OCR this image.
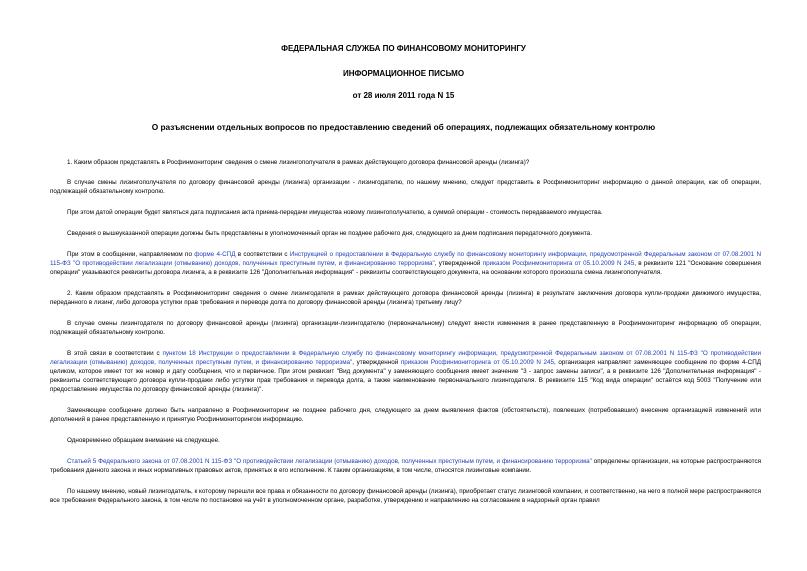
ФЕДЕРАЛЬНАЯ СЛУЖБА ПО ФИНАНСОВОМУ МОНИТОРИНГУ
ИНФОРМАЦИОННОЕ ПИСЬМО
от 28 июля 2011 года N 15
О разъяснении отдельных вопросов по предоставлению сведений об операциях, подлежащих обязательному контролю

1. Каким образом представлять в Росфинмониторинг сведения о смене лизингополучателя в рамках действующего договора финансовой аренды (лизинга)?

В случае смены лизингополучателя по договору финансовой аренды (лизинга) организации - лизингодателю, по нашему мнению, следует представить в Росфинмониторинг информацию о данной операции, как об операции, подлежащей обязательному контролю.

При этом датой операции будет являться дата подписания акта приема-передачи имущества новому лизингополучателю, а суммой операции - стоимость передаваемого имущества.

Сведения о вышеуказанной операции должны быть представлены в уполномоченный орган не позднее рабочего дня, следующего за днем подписания передаточного документа.

При этом в сообщении, направляемом по форме 4-СПД в соответствии с Инструкцией о предоставлении в Федеральную службу по финансовому мониторингу информации, предусмотренной Федеральным законом от 07.08.2001 N 115-ФЗ "О противодействии легализации (отмыванию) доходов, полученных преступным путем, и финансированию терроризма", утвержденной приказом Росфинмониторинга от 05.10.2009 N 245, в реквизите 121 "Основание совершения операции" указываются реквизиты договора лизинга, а в реквизите 126 "Дополнительная информация" - реквизиты соответствующего документа, на основании которого произошла смена лизингополучателя.

2. Каким образом представлять в Росфинмониторинг сведения о смене лизингодателя в рамках действующего договора финансовой аренды (лизинга) в результате заключения договора купли-продажи движимого имущества, переданного в лизинг, либо договора уступки прав требования и переводе долга по договору финансовой аренды (лизинга) третьему лицу?

В случае смены лизингодателя по договору финансовой аренды (лизинга) организации-лизингодателю (первоначальному) следует внести изменения в ранее представленную в Росфинмониторинг информацию об операции, подлежащей обязательному контролю.

В этой связи в соответствии с пунктом 18 Инструкции о предоставлении в Федеральную службу по финансовому мониторингу информации, предусмотренной Федеральным законом от 07.08.2001 N 115-ФЗ "О противодействии легализации (отмыванию) доходов, полученных преступным путем, и финансированию терроризма", утвержденной приказом Росфинмониторинга от 05.10.2009 N 245, организация направляет заменяющее сообщение по форме 4-СПД целиком, которое имеет тот же номер и дату сообщения, что и первичное. При этом реквизит "Вид документа" у заменяющего сообщения имеет значение "3 - запрос замены записи", а в реквизите 126 "Дополнительная информация" - реквизиты соответствующего договора купли-продажи либо уступки прав требования и перевода долга, а также наименование первоначального лизингодателя. В реквизите 115 "Код вида операции" остаётся код 5003 "Получение или предоставление имущества по договору финансовой аренды (лизинга)".

Заменяющее сообщение должно быть направлено в Росфинмониторинг не позднее рабочего дня, следующего за днем выявления фактов (обстоятельств), повлекших (потребовавших) внесение организацией изменений или дополнений в ранее представленную и принятую Росфинмониторингом информацию.

Одновременно обращаем внимание на следующее.

Статьей 5 Федерального закона от 07.08.2001 N 115-ФЗ "О противодействии легализации (отмыванию) доходов, полученных преступным путем, и финансированию терроризма" определены организации, на которые распространяются требования данного закона и иных нормативных правовых актов, принятых в его исполнение. К таким организациям, в том числе, относятся лизинговые компании.

По нашему мнению, новый лизингодатель, к которому перешли все права и обязанности по договору финансовой аренды (лизинга), приобретает статус лизинговой компании, и соответственно, на него в полной мере распространяются все требования Федерального закона, в том числе по постановке на учёт в уполномоченном органе, разработке, утверждению и направлению на согласование в надзорный орган правил
